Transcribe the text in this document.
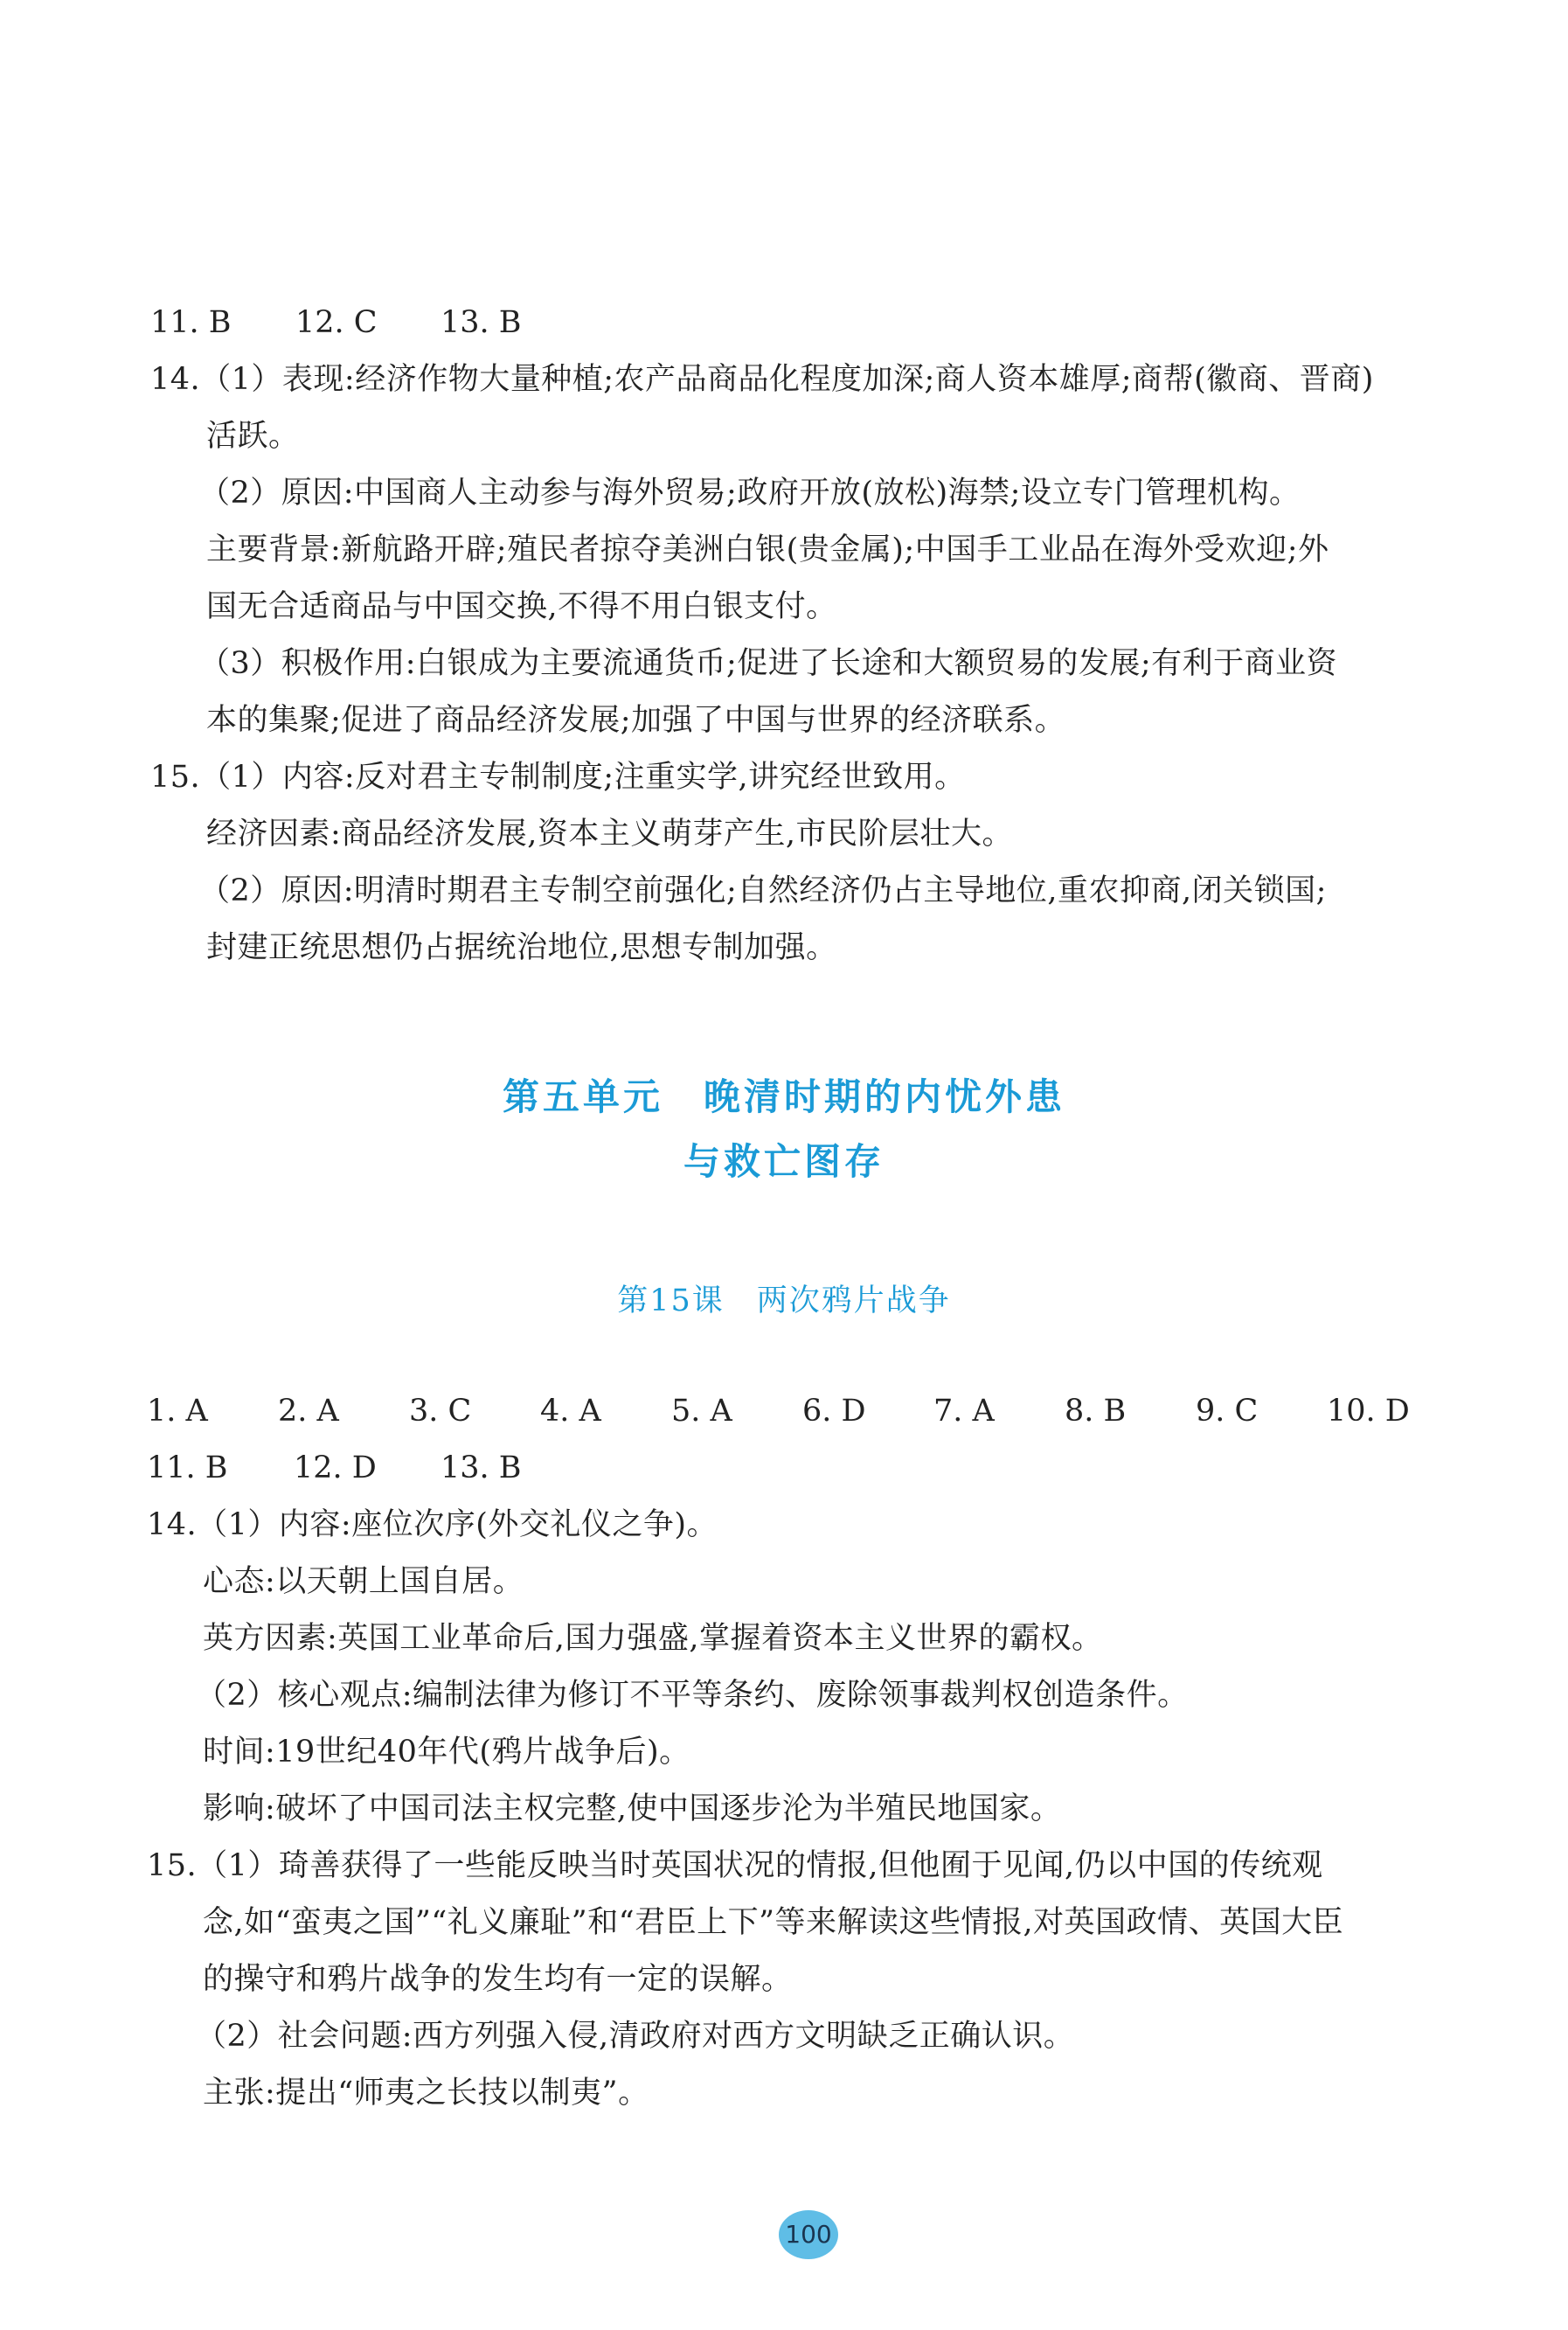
11. B 12. C 13. B
14.（1）表现:经济作物大量种植;农产品商品化程度加深;商人资本雄厚;商帮(徽商、晋商)
活跃。
（2）原因:中国商人主动参与海外贸易;政府开放(放松)海禁;设立专门管理机构。
主要背景:新航路开辟;殖民者掠夺美洲白银(贵金属);中国手工业品在海外受欢迎;外
国无合适商品与中国交换,不得不用白银支付。
（3）积极作用:白银成为主要流通货币;促进了长途和大额贸易的发展;有利于商业资
本的集聚;促进了商品经济发展;加强了中国与世界的经济联系。
15.（1）内容:反对君主专制制度;注重实学,讲究经世致用。
经济因素:商品经济发展,资本主义萌芽产生,市民阶层壮大。
（2）原因:明清时期君主专制空前强化;自然经济仍占主导地位,重农抑商,闭关锁国;
封建正统思想仍占据统治地位,思想专制加强。
第五单元　晚清时期的内忧外患
与救亡图存
第15课　两次鸦片战争
1. A 2. A 3. C 4. A 5. A 6. D 7. A 8. B 9. C 10. D
11. B 12. D 13. B
14.（1）内容:座位次序(外交礼仪之争)。
心态:以天朝上国自居。
英方因素:英国工业革命后,国力强盛,掌握着资本主义世界的霸权。
（2）核心观点:编制法律为修订不平等条约、废除领事裁判权创造条件。
时间:19世纪40年代(鸦片战争后)。
影响:破坏了中国司法主权完整,使中国逐步沦为半殖民地国家。
15.（1）琦善获得了一些能反映当时英国状况的情报,但他囿于见闻,仍以中国的传统观
念,如“蛮夷之国”“礼义廉耻”和“君臣上下”等来解读这些情报,对英国政情、英国大臣
的操守和鸦片战争的发生均有一定的误解。
（2）社会问题:西方列强入侵,清政府对西方文明缺乏正确认识。
主张:提出“师夷之长技以制夷”。
100
